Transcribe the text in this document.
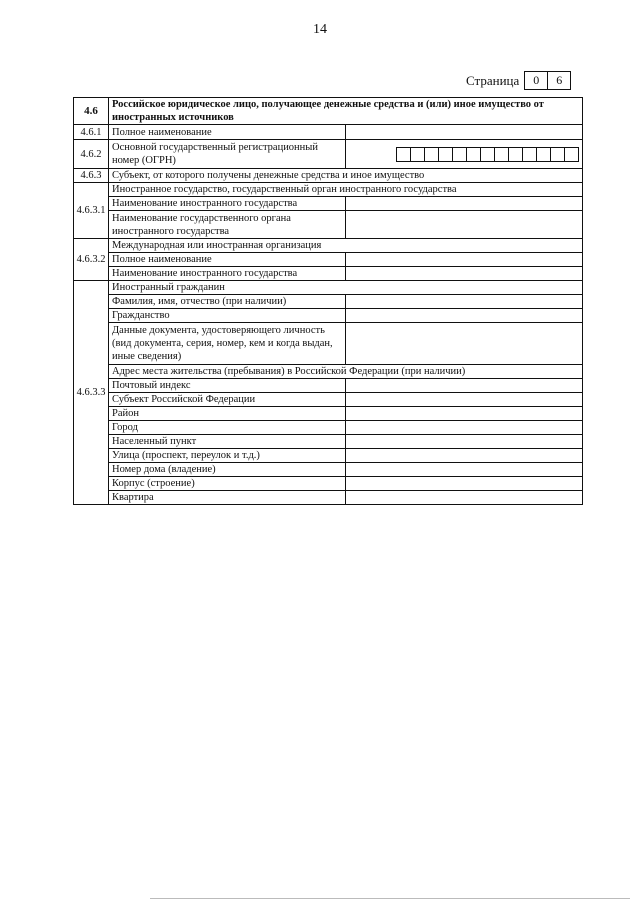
14
Страница	0	6
4.6	Российское юридическое лицо, получающее денежные средства и (или) иное имущество от иностранных источников	
4.6.1	Полное наименование	
4.6.2	Основной государственный регистрационный номер (ОГРН)	

4.6.3	Субъект, от которого получены денежные средства и иное имущество	
4.6.3.1	Иностранное государство, государственный орган иностранного государства	
	Наименование иностранного государства	
	Наименование государственного органа иностранного государства	
4.6.3.2	Международная или иностранная организация	
	Полное наименование	
	Наименование иностранного государства	
4.6.3.3	Иностранный гражданин	
	Фамилия, имя, отчество (при наличии)	
	Гражданство	
	Данные документа, удостоверяющего личность (вид документа, серия, номер, кем и когда выдан, иные сведения)	
	Адрес места жительства (пребывания) в Российской Федерации (при наличии)	
	Почтовый индекс	
	Субъект Российской Федерации	
	Район	
	Город	
	Населенный пункт	
	Улица (проспект, переулок и т.д.)	
	Номер дома (владение)	
	Корпус (строение)	
	Квартира	
